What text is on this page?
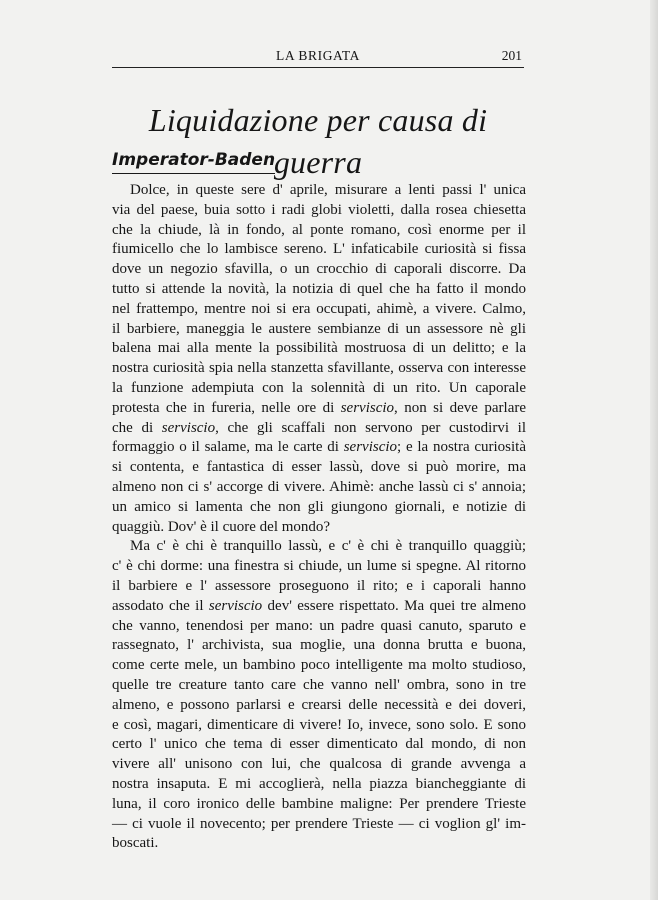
LA BRIGATA	201
Liquidazione per causa di guerra
Imperator-Baden
Dolce, in queste sere d' aprile, misurare a lenti passi l' unica
via del paese, buia sotto i radi globi violetti, dalla rosea chiesetta
che la chiude, là in fondo, al ponte romano, così enorme per il
fiumicello che lo lambisce sereno. L' infaticabile curiosità si fissa
dove un negozio sfavilla, o un crocchio di caporali discorre. Da
tutto si attende la novità, la notizia di quel che ha fatto il mondo
nel frattempo, mentre noi si era occupati, ahimè, a vivere. Calmo,
il barbiere, maneggia le austere sembianze di un assessore nè gli
balena mai alla mente la possibilità mostruosa di un delitto; e la
nostra curiosità spia nella stanzetta sfavillante, osserva con interesse
la funzione adempiuta con la solennità di un rito. Un caporale
protesta che in fureria, nelle ore di serviscio, non si deve parlare
che di serviscio, che gli scaffali non servono per custodirvi il
formaggio o il salame, ma le carte di serviscio; e la nostra curiosità
si contenta, e fantastica di esser lassù, dove si può morire, ma
almeno non ci s' accorge di vivere. Ahimè: anche lassù ci s' annoia;
un amico si lamenta che non gli giungono giornali, e notizie di
quaggiù. Dov' è il cuore del mondo?
Ma c' è chi è tranquillo lassù, e c' è chi è tranquillo quaggiù;
c' è chi dorme: una finestra si chiude, un lume si spegne. Al ritorno
il barbiere e l' assessore proseguono il rito; e i caporali hanno
assodato che il serviscio dev' essere rispettato. Ma quei tre almeno
che vanno, tenendosi per mano: un padre quasi canuto, sparuto e
rassegnato, l' archivista, sua moglie, una donna brutta e buona,
come certe mele, un bambino poco intelligente ma molto studioso,
quelle tre creature tanto care che vanno nell' ombra, sono in tre
almeno, e possono parlarsi e crearsi delle necessità e dei doveri,
e così, magari, dimenticare di vivere! Io, invece, sono solo. E sono
certo l' unico che tema di esser dimenticato dal mondo, di non
vivere all' unisono con lui, che qualcosa di grande avvenga a
nostra insaputa. E mi accoglierà, nella piazza biancheggiante di
luna, il coro ironico delle bambine maligne: Per prendere Trieste
— ci vuole il novecento; per prendere Trieste — ci voglion gl' im-
boscati.
